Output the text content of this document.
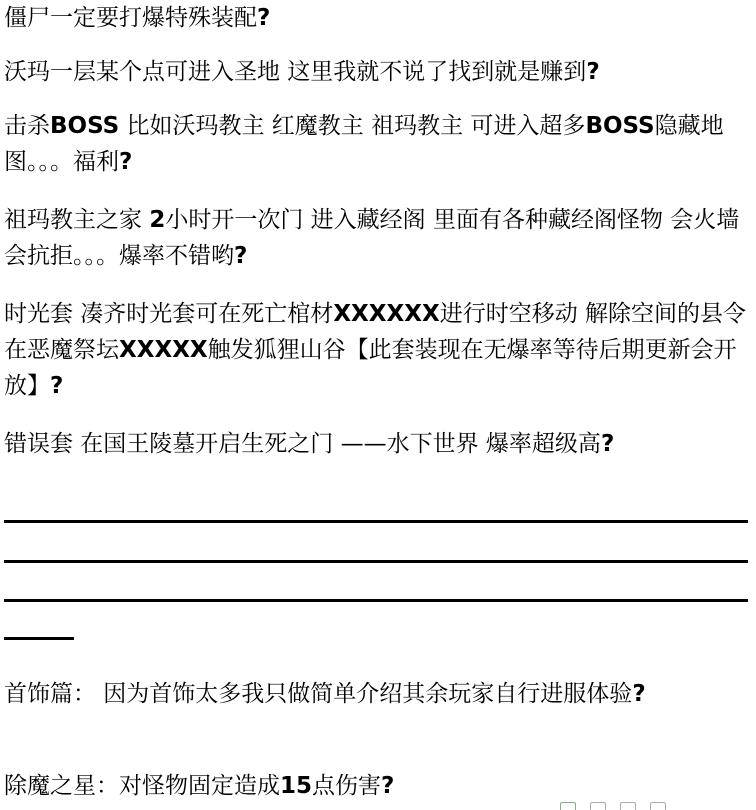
僵尸一定要打爆特殊装配?

沃玛一层某个点可进入圣地 这里我就不说了找到就是赚到?

击杀BOSS 比如沃玛教主 红魔教主 祖玛教主 可进入超多BOSS隐藏地图。。。福利?

祖玛教主之家 2小时开一次门 进入藏经阁 里面有各种藏经阁怪物 会火墙 会抗拒。。。爆率不错哟?

时光套 凑齐时光套可在死亡棺材XXXXXX进行时空移动 解除空间的县令 在恶魔祭坛XXXXX触发狐狸山谷【此套装现在无爆率等待后期更新会开放】?

错误套 在国王陵墓开启生死之门 ——水下世界 爆率超级高?

首饰篇： 因为首饰太多我只做简单介绍其余玩家自行进服体验?

除魔之星：对怪物固定造成15点伤害?
